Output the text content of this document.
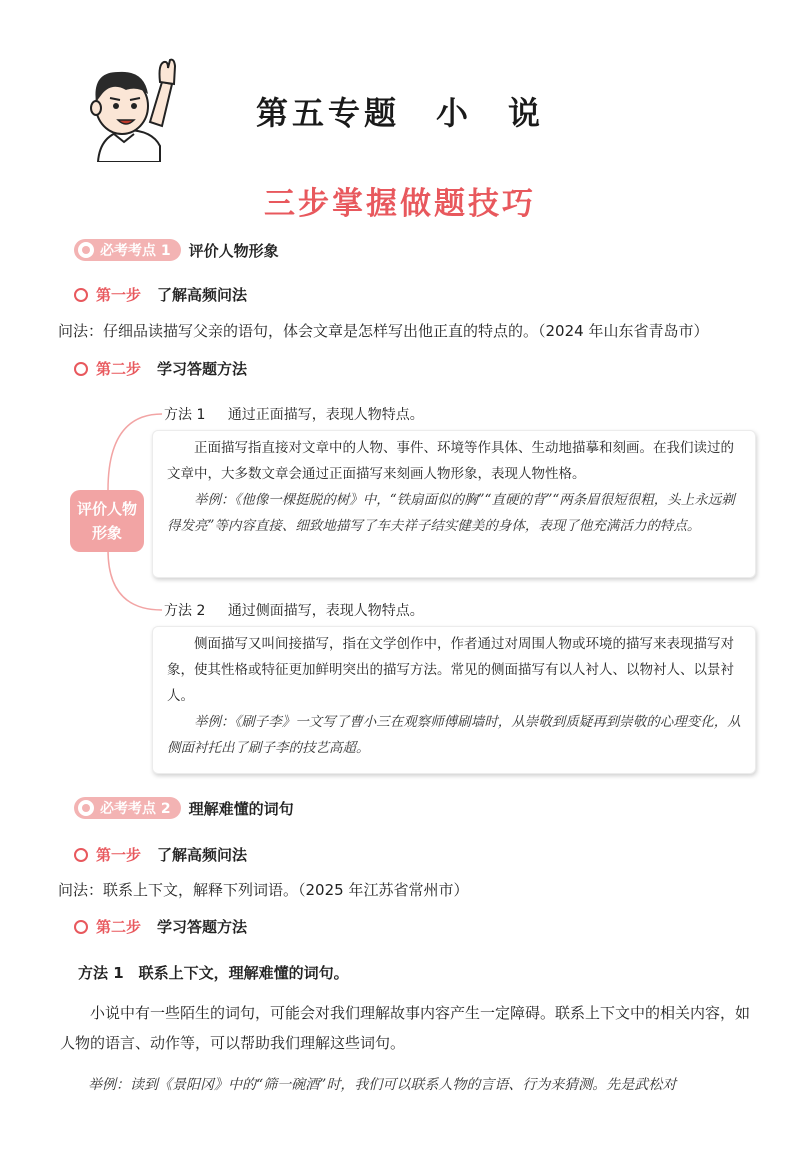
第五专题　小　说
三步掌握做题技巧
必考考点 1 评价人物形象
第一步 了解高频问法
问法：仔细品读描写父亲的语句，体会文章是怎样写出他正直的特点的。（2024 年山东省青岛市）
第二步 学习答题方法
评价人物
形象
方法 1 通过正面描写，表现人物特点。

正面描写指直接对文章中的人物、事件、环境等作具体、生动地描摹和刻画。在我们读过的文章中，大多数文章会通过正面描写来刻画人物形象，表现人物性格。

举例：《他像一棵挺脱的树》中，“铁扇面似的胸”“直硬的背”“两条眉很短很粗，头上永远剃得发亮”等内容直接、细致地描写了车夫祥子结实健美的身体，表现了他充满活力的特点。

方法 2 通过侧面描写，表现人物特点。

侧面描写又叫间接描写，指在文学创作中，作者通过对周围人物或环境的描写来表现描写对象，使其性格或特征更加鲜明突出的描写方法。常见的侧面描写有以人衬人、以物衬人、以景衬人。

举例：《刷子李》一文写了曹小三在观察师傅刷墙时，从崇敬到质疑再到崇敬的心理变化，从侧面衬托出了刷子李的技艺高超。

必考考点 2 理解难懂的词句
第一步 了解高频问法
问法：联系上下文，解释下列词语。（2025 年江苏省常州市）
第二步 学习答题方法
方法 1　联系上下文，理解难懂的词句。
小说中有一些陌生的词句，可能会对我们理解故事内容产生一定障碍。联系上下文中的相关内容，如人物的语言、动作等，可以帮助我们理解这些词句。
举例：读到《景阳冈》中的“筛一碗酒”时，我们可以联系人物的言语、行为来猜测。先是武松对
